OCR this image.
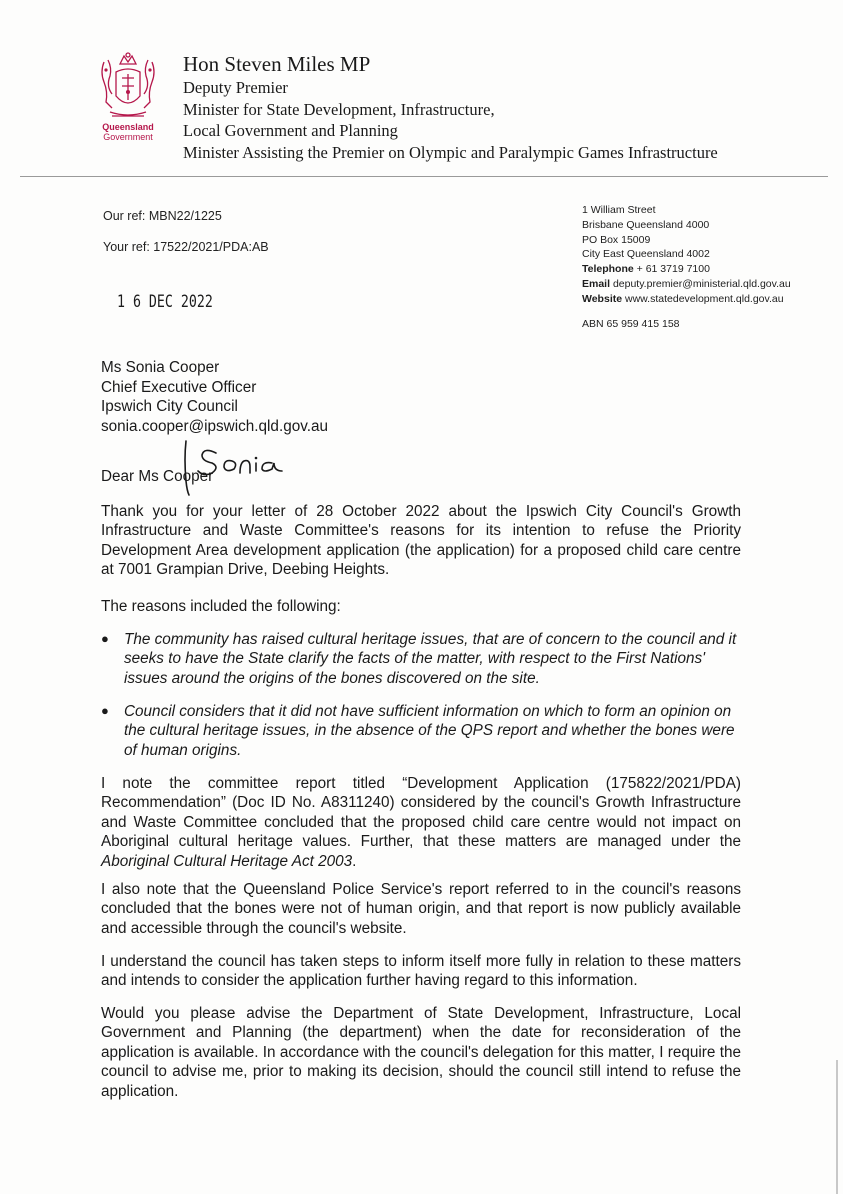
Queensland
Government
Hon Steven Miles MP
Deputy Premier
Minister for State Development, Infrastructure,
Local Government and Planning
Minister Assisting the Premier on Olympic and Paralympic Games Infrastructure
Our ref: MBN22/1225
Your ref: 17522/2021/PDA:AB
1 6 DEC 2022
1 William Street
Brisbane Queensland 4000
PO Box 15009
City East Queensland 4002
Telephone + 61 3719 7100
Email deputy.premier@ministerial.qld.gov.au
Website www.statedevelopment.qld.gov.au
ABN 65 959 415 158
Ms Sonia Cooper
Chief Executive Officer
Ipswich City Council
sonia.cooper@ipswich.qld.gov.au
Dear Ms Cooper
Thank you for your letter of 28 October 2022 about the Ipswich City Council's Growth Infrastructure and Waste Committee's reasons for its intention to refuse the Priority Development Area development application (the application) for a proposed child care centre at 7001 Grampian Drive, Deebing Heights.
The reasons included the following:
● The community has raised cultural heritage issues, that are of concern to the council and it seeks to have the State clarify the facts of the matter, with respect to the First Nations' issues around the origins of the bones discovered on the site.
● Council considers that it did not have sufficient information on which to form an opinion on the cultural heritage issues, in the absence of the QPS report and whether the bones were of human origins.
I note the committee report titled “Development Application (175822/2021/PDA) Recommendation” (Doc ID No. A8311240) considered by the council's Growth Infrastructure and Waste Committee concluded that the proposed child care centre would not impact on Aboriginal cultural heritage values. Further, that these matters are managed under the Aboriginal Cultural Heritage Act 2003.
I also note that the Queensland Police Service's report referred to in the council's reasons concluded that the bones were not of human origin, and that report is now publicly available and accessible through the council's website.
I understand the council has taken steps to inform itself more fully in relation to these matters and intends to consider the application further having regard to this information.
Would you please advise the Department of State Development, Infrastructure, Local Government and Planning (the department) when the date for reconsideration of the application is available. In accordance with the council's delegation for this matter, I require the council to advise me, prior to making its decision, should the council still intend to refuse the application.
